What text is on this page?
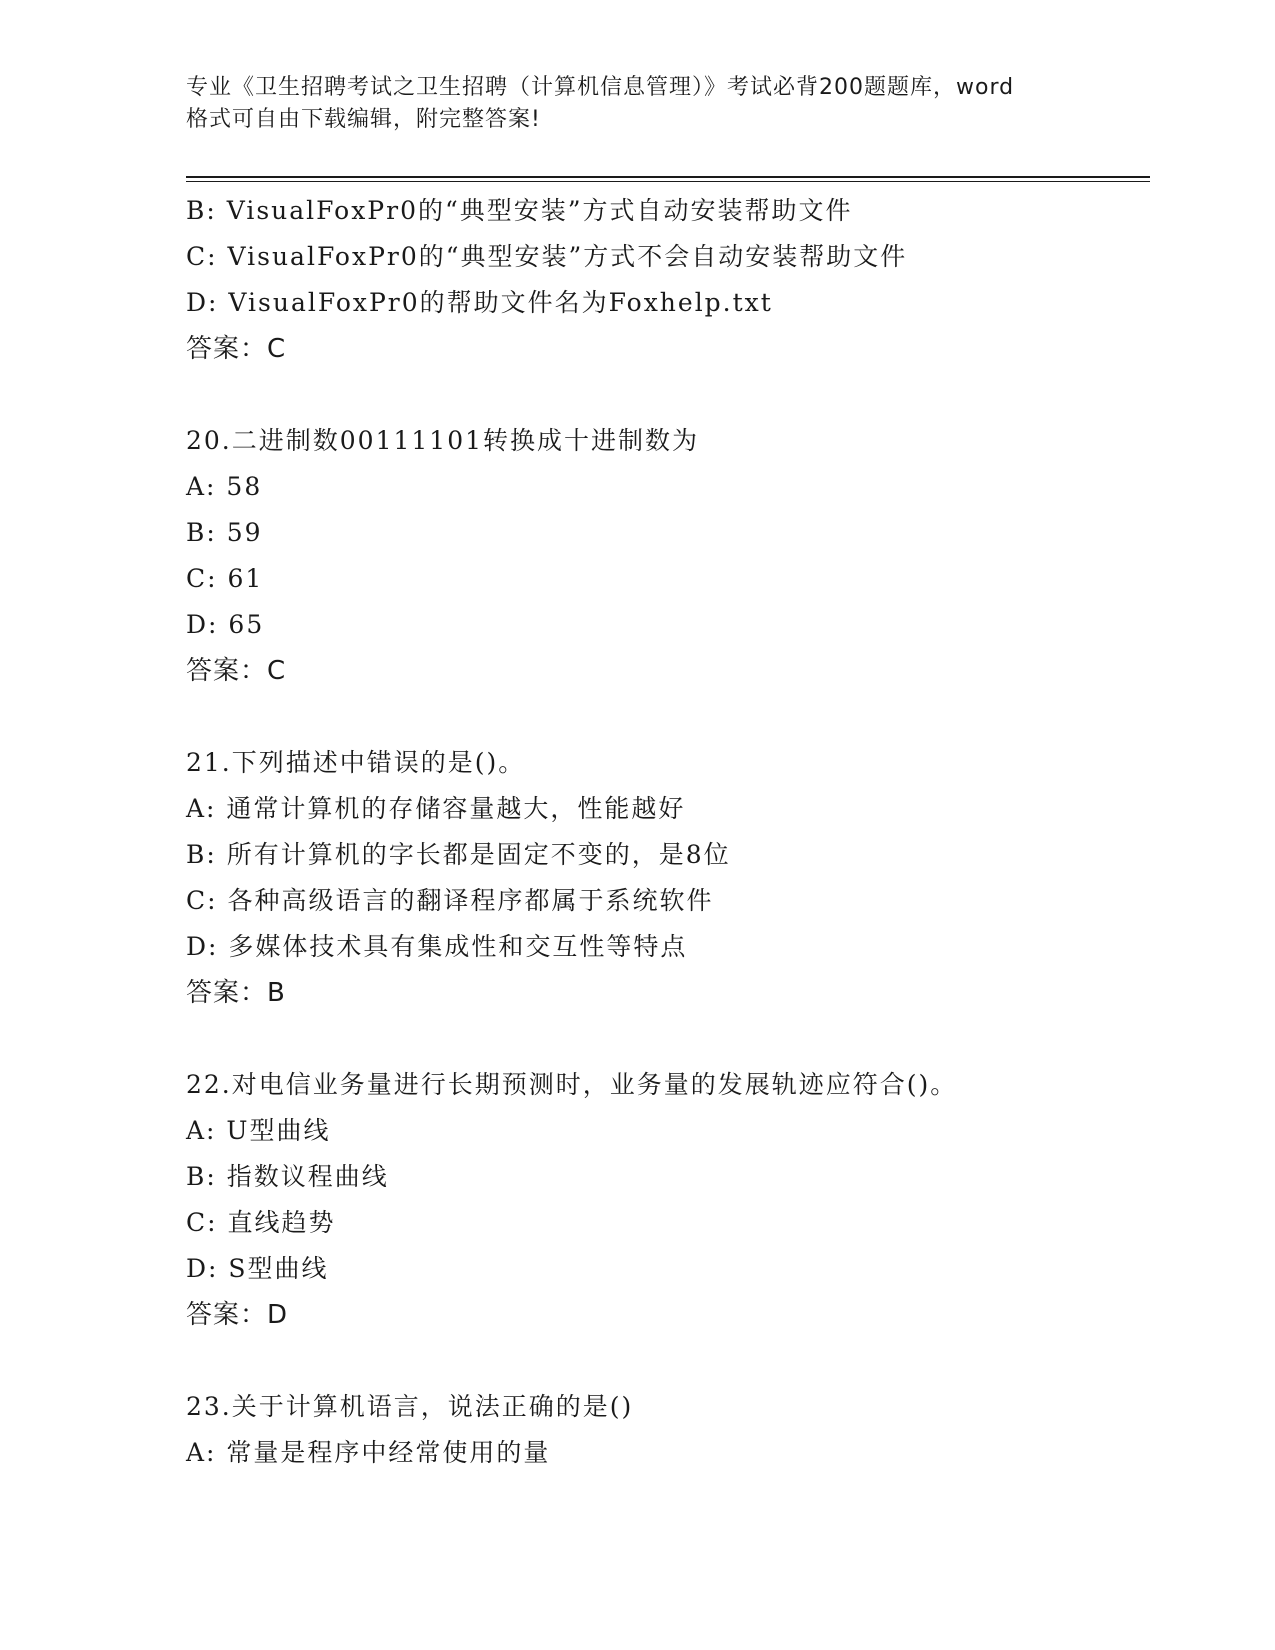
专业《卫生招聘考试之卫生招聘（计算机信息管理）》考试必背200题题库，word
格式可自由下载编辑，附完整答案!
B: VisualFoxPr0的“典型安装”方式自动安装帮助文件
C: VisualFoxPr0的“典型安装”方式不会自动安装帮助文件
D: VisualFoxPr0的帮助文件名为Foxhelp.txt
答案：C
20.二进制数00111101转换成十进制数为
A: 58
B: 59
C: 61
D: 65
答案：C
21.下列描述中错误的是()。
A: 通常计算机的存储容量越大，性能越好
B: 所有计算机的字长都是固定不变的，是8位
C: 各种高级语言的翻译程序都属于系统软件
D: 多媒体技术具有集成性和交互性等特点
答案：B
22.对电信业务量进行长期预测时，业务量的发展轨迹应符合()。
A: U型曲线
B: 指数议程曲线
C: 直线趋势
D: S型曲线
答案：D
23.关于计算机语言，说法正确的是()
A: 常量是程序中经常使用的量
